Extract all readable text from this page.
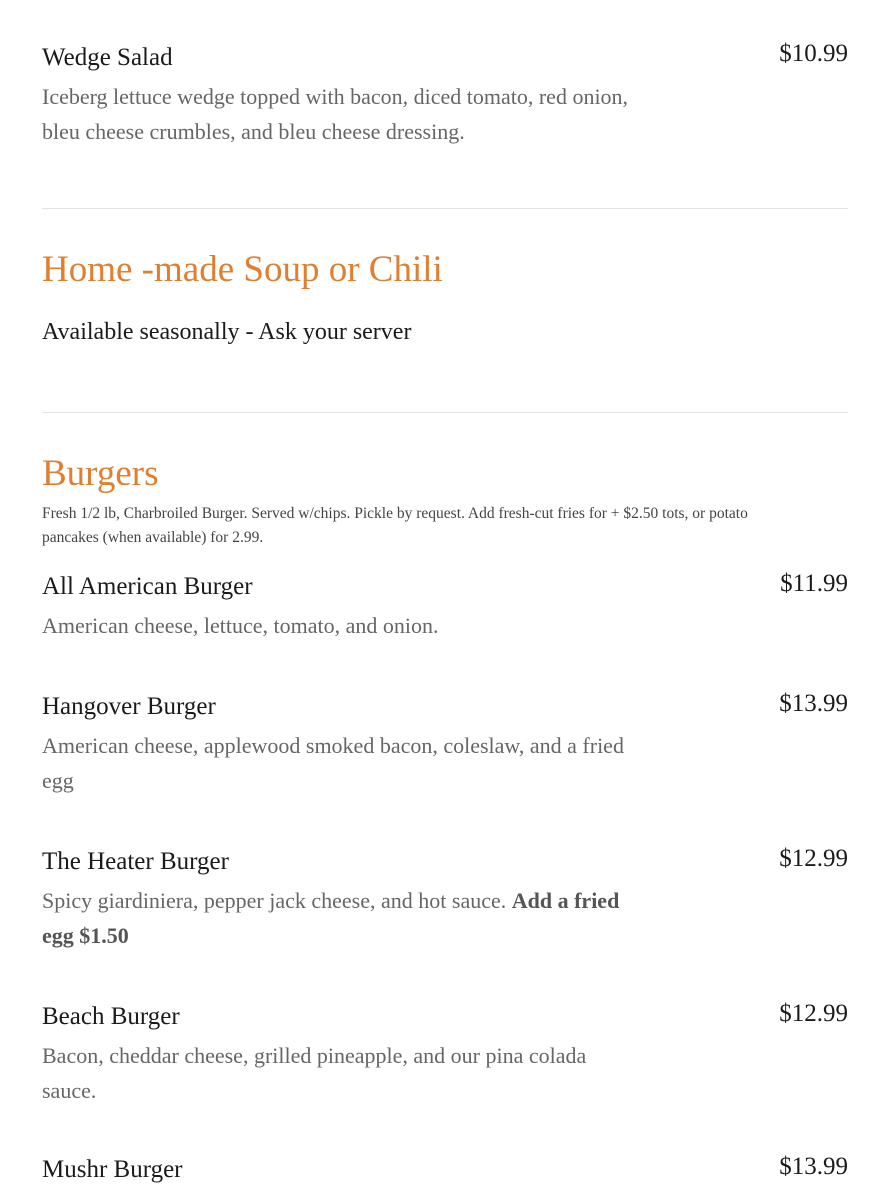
Wedge Salad	$10.99
Iceberg lettuce wedge topped with bacon, diced tomato, red onion, bleu cheese crumbles, and bleu cheese dressing.
Home -made Soup or Chili
Available seasonally - Ask your server
Burgers
Fresh 1/2 lb, Charbroiled Burger. Served w/chips. Pickle by request. Add fresh-cut fries for + $2.50 tots, or potato pancakes (when available) for 2.99.
All American Burger	$11.99
American cheese, lettuce, tomato, and onion.
Hangover Burger	$13.99
American cheese, applewood smoked bacon, coleslaw, and a fried egg
The Heater Burger	$12.99
Spicy giardiniera, pepper jack cheese, and hot sauce. Add a fried egg $1.50
Beach Burger	$12.99
Bacon, cheddar cheese, grilled pineapple, and our pina colada sauce.
Mushr Burger	$13.99
